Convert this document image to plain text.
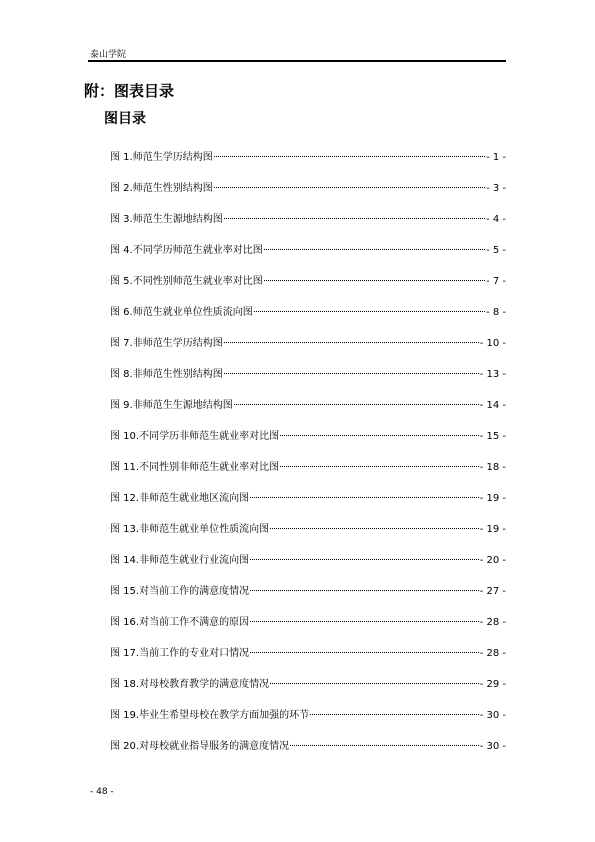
泰山学院
附：图表目录
图目录
图 1.师范生学历结构图	- 1 -
图 2.师范生性别结构图	- 3 -
图 3.师范生生源地结构图	- 4 -
图 4.不同学历师范生就业率对比图	- 5 -
图 5.不同性别师范生就业率对比图	- 7 -
图 6.师范生就业单位性质流向图	- 8 -
图 7.非师范生学历结构图	- 10 -
图 8.非师范生性别结构图	- 13 -
图 9.非师范生生源地结构图	- 14 -
图 10.不同学历非师范生就业率对比图	- 15 -
图 11.不同性别非师范生就业率对比图	- 18 -
图 12.非师范生就业地区流向图	- 19 -
图 13.非师范生就业单位性质流向图	- 19 -
图 14.非师范生就业行业流向图	- 20 -
图 15.对当前工作的满意度情况	- 27 -
图 16.对当前工作不满意的原因	- 28 -
图 17.当前工作的专业对口情况	- 28 -
图 18.对母校教育教学的满意度情况	- 29 -
图 19.毕业生希望母校在教学方面加强的环节	- 30 -
图 20.对母校就业指导服务的满意度情况	- 30 -
- 48 -
